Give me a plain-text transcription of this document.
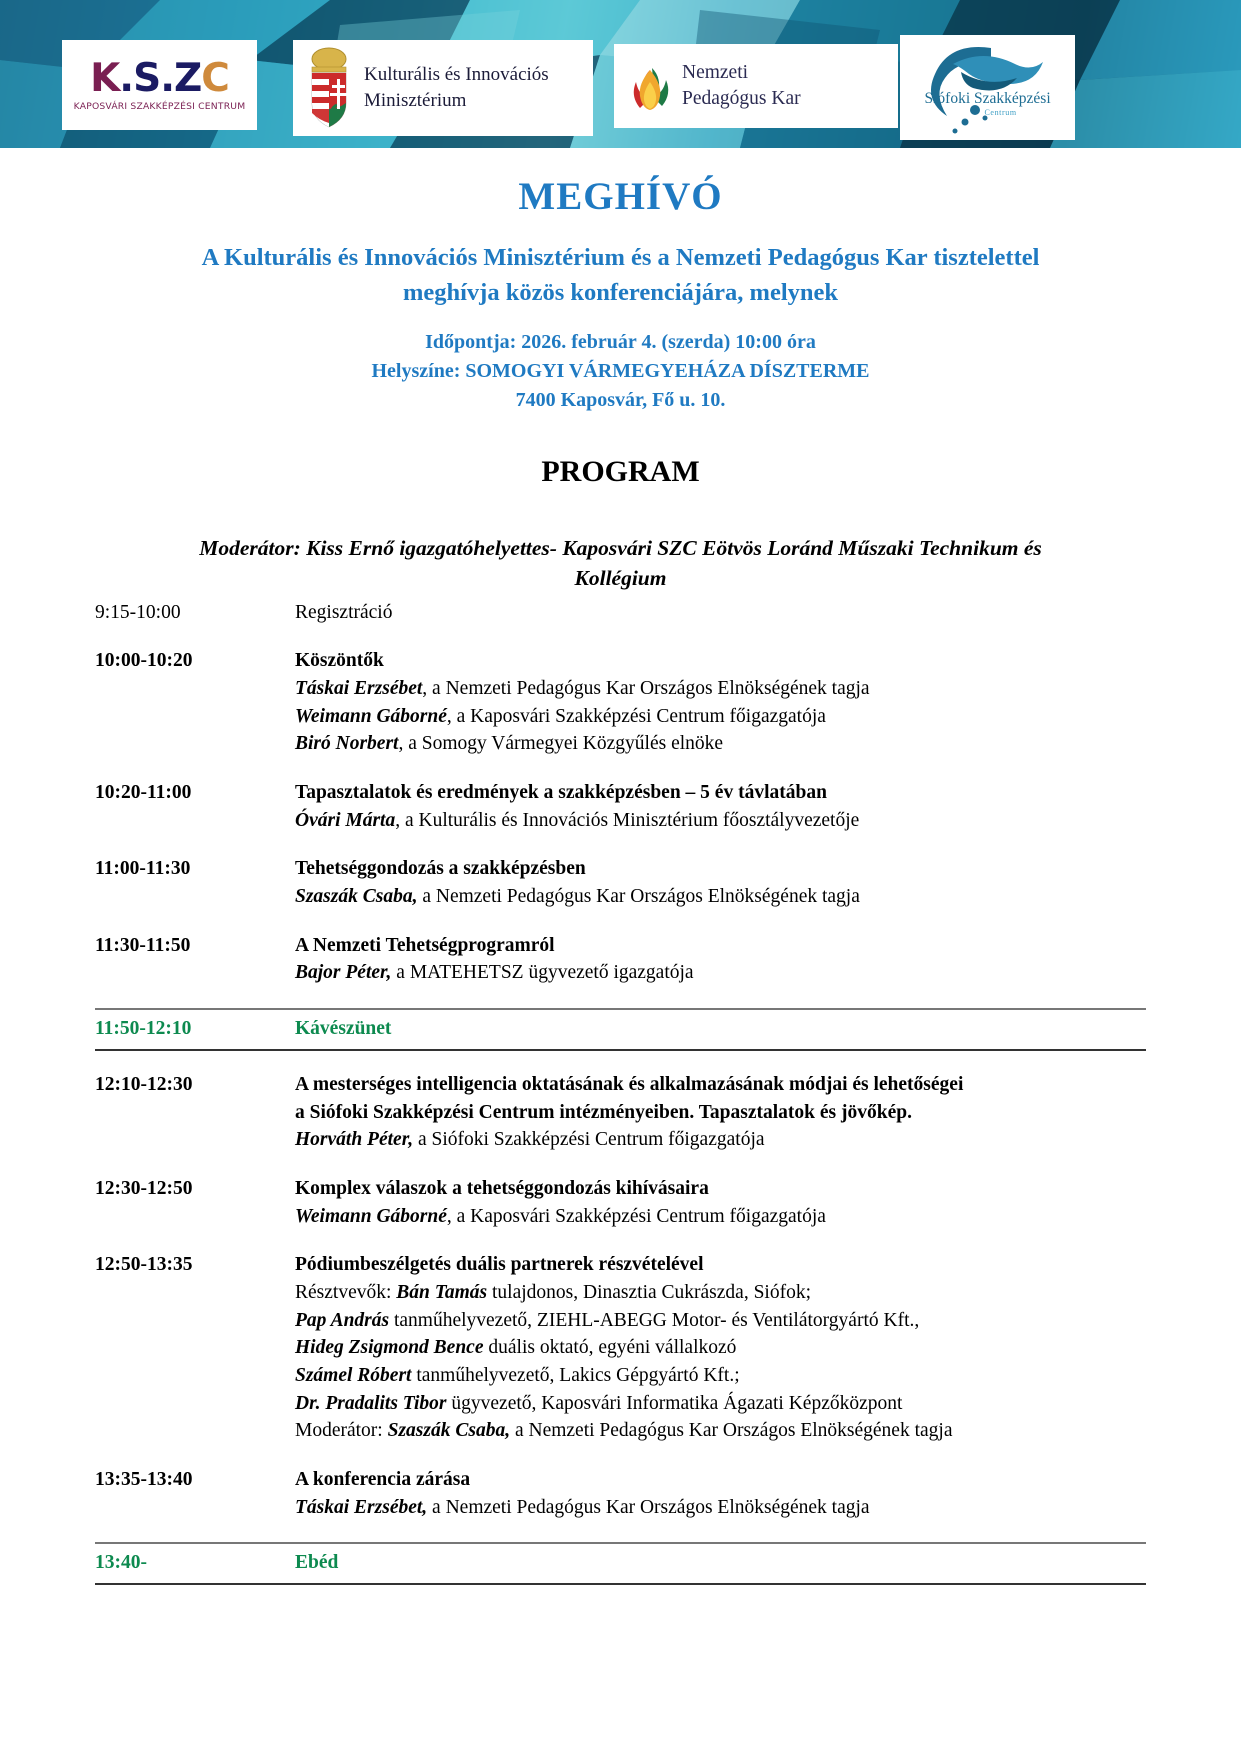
K.S.ZC
KAPOSVÁRI SZAKKÉPZÉSI CENTRUM
Kulturális és Innovációs
Minisztérium
Nemzeti
Pedagógus Kar	Siófoki Szakképzési
Centrum
MEGHÍVÓ
A Kulturális és Innovációs Minisztérium és a Nemzeti Pedagógus Kar tisztelettel
meghívja közös konferenciájára, melynek
Időpontja: 2026. február 4. (szerda) 10:00 óra
Helyszíne: SOMOGYI VÁRMEGYEHÁZA DÍSZTERME
7400 Kaposvár, Fő u. 10.
PROGRAM
Moderátor: Kiss Ernő igazgatóhelyettes- Kaposvári SZC Eötvös Loránd Műszaki Technikum és
Kollégium
9:15-10:00	Regisztráció

10:00-10:20	Köszöntők

Táskai Erzsébet, a Nemzeti Pedagógus Kar Országos Elnökségének tagja

Weimann Gáborné, a Kaposvári Szakképzési Centrum főigazgatója

Biró Norbert, a Somogy Vármegyei Közgyűlés elnöke

10:20-11:00	Tapasztalatok és eredmények a szakképzésben – 5 év távlatában

Óvári Márta, a Kulturális és Innovációs Minisztérium főosztályvezetője

11:00-11:30	Tehetséggondozás a szakképzésben

Szaszák Csaba, a Nemzeti Pedagógus Kar Országos Elnökségének tagja

11:30-11:50	A Nemzeti Tehetségprogramról

Bajor Péter, a MATEHETSZ ügyvezető igazgatója

11:50-12:10	Kávészünet
12:10-12:30	A mesterséges intelligencia oktatásának és alkalmazásának módjai és lehetőségei

a Siófoki Szakképzési Centrum intézményeiben. Tapasztalatok és jövőkép.

Horváth Péter, a Siófoki Szakképzési Centrum főigazgatója

12:30-12:50	Komplex válaszok a tehetséggondozás kihívásaira

Weimann Gáborné, a Kaposvári Szakképzési Centrum főigazgatója

12:50-13:35	Pódiumbeszélgetés duális partnerek részvételével

Résztvevők: Bán Tamás tulajdonos, Dinasztia Cukrászda, Siófok;

Pap András tanműhelyvezető, ZIEHL-ABEGG Motor- és Ventilátorgyártó Kft.,

Hideg Zsigmond Bence duális oktató, egyéni vállalkozó

Számel Róbert tanműhelyvezető, Lakics Gépgyártó Kft.;

Dr. Pradalits Tibor ügyvezető, Kaposvári Informatika Ágazati Képzőközpont

Moderátor: Szaszák Csaba, a Nemzeti Pedagógus Kar Országos Elnökségének tagja

13:35-13:40	A konferencia zárása

Táskai Erzsébet, a Nemzeti Pedagógus Kar Országos Elnökségének tagja

13:40-	Ebéd
